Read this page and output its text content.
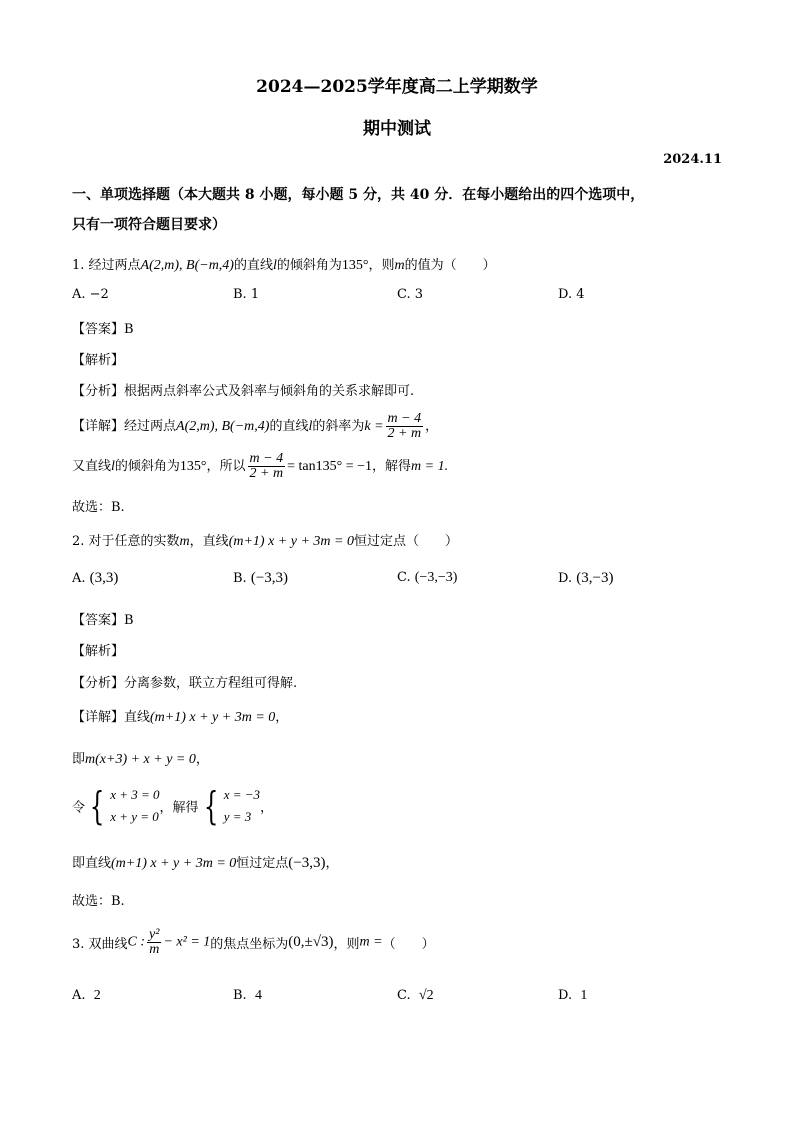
2024—2025学年度高二上学期数学
期中测试
2024.11
一、单项选择题（本大题共 8 小题，每小题 5 分，共 40 分．在每小题给出的四个选项中，
只有一项符合题目要求）
1. 经过两点A(2,m), B(−m,4)的直线l的倾斜角为135°，则m的值为（　　）
A. −2	B. 1	C. 3	D. 4
【答案】B
【解析】
【分析】根据两点斜率公式及斜率与倾斜角的关系求解即可.
【详解】经过两点A(2,m), B(−m,4)的直线l的斜率为$k = \frac{m - 4}{2 + m}$ ，
又直线l的倾斜角为135°，所以 $\frac{m - 4}{2 + m} = \tan 135^\circ = -1$，解得m = 1.
故选：B.
2. 对于任意的实数m，直线(m+1) x + y + 3m = 0恒过定点（　　）
A. (3,3)	B. (−3,3)	C. (−3,−3)	D. (3,−3)
【答案】B
【解析】
【分析】分离参数，联立方程组可得解.
【详解】直线(m+1) x + y + 3m = 0，
即m(x+3) + x + y = 0，
令 { x + 3 = 0
x + y = 0
，解得 { x = −3
y = 3
，
即直线(m+1) x + y + 3m = 0恒过定点(−3,3)，
故选：B.
3. 双曲线C : $\frac{\text{y²}}{m} - x^2 = 1$的焦点坐标为(0,±√3)，则m =（　　）
A. 2	B. 4	C. √2	D. 1
